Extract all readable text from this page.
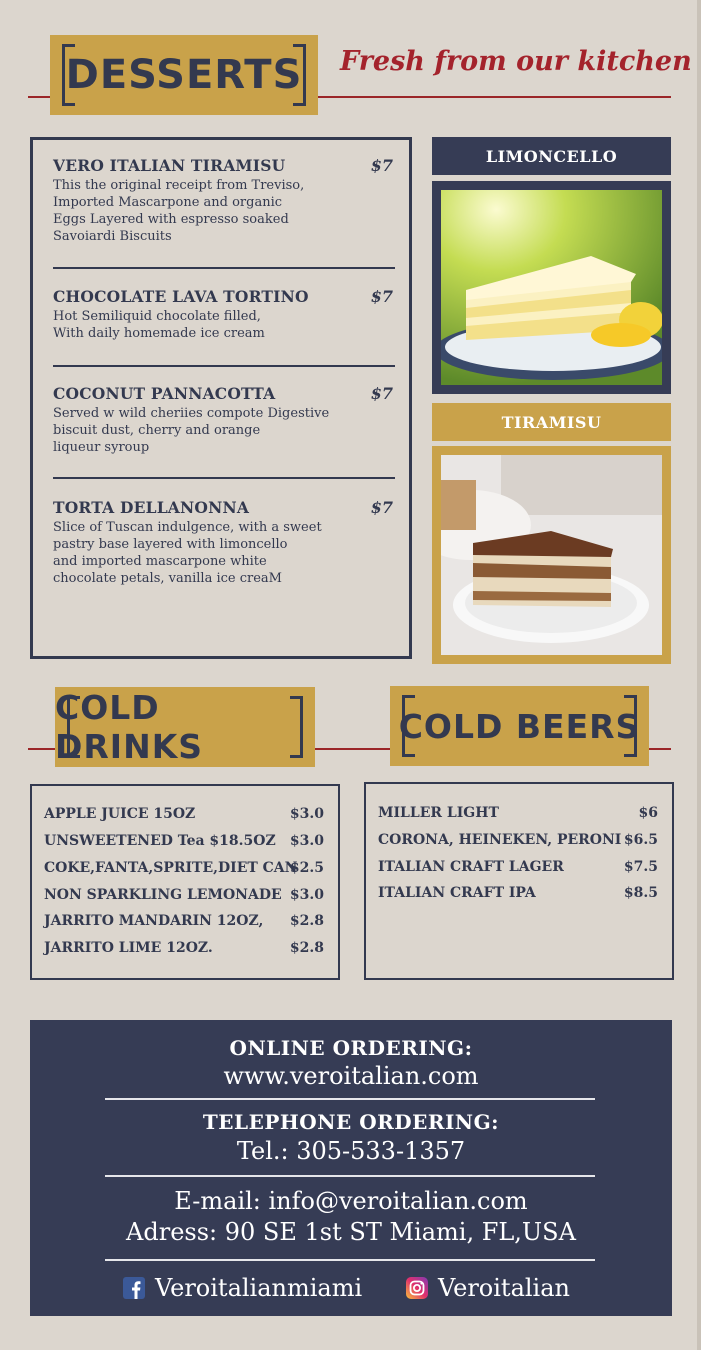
DESSERTS Fresh from our kitchen
VERO ITALIAN TIRAMISU	$7
This the original receipt from Treviso,
Imported Mascarpone and organic
Eggs Layered with espresso soaked
Savoiardi Biscuits
CHOCOLATE LAVA TORTINO	$7
Hot Semiliquid chocolate filled,
With daily homemade ice cream
COCONUT PANNACOTTA	$7
Served w wild cheriies compote Digestive
biscuit dust, cherry and orange
liqueur syroup
TORTA DELLANONNA	$7
Slice of Tuscan indulgence, with a sweet
pastry base layered with limoncello
and imported mascarpone white
chocolate petals, vanilla ice creaM
LIMONCELLO
TIRAMISU
COLD DRINKS
COLD BEERS
APPLE JUICE 15OZ	$3.0
UNSWEETENED Tea $18.5OZ $3.0
COKE,FANTA,SPRITE,DIET CAN
$2.5
NON SPARKLING LEMONADE $3.0
JARRITO MANDARIN 12OZ, $2.8
JARRITO LIME 12OZ.	$2.8
MILLER LIGHT	$6
CORONA, HEINEKEN, PERONI $6.5
ITALIAN CRAFT LAGER	$7.5
ITALIAN CRAFT IPA	$8.5
ONLINE ORDERING:
www.veroitalian.com
TELEPHONE ORDERING:
Tel.: 305-533-1357
E-mail: info@veroitalian.com
Adress: 90 SE 1st ST Miami, FL,USA
Veroitalianmiami	Veroitalian
